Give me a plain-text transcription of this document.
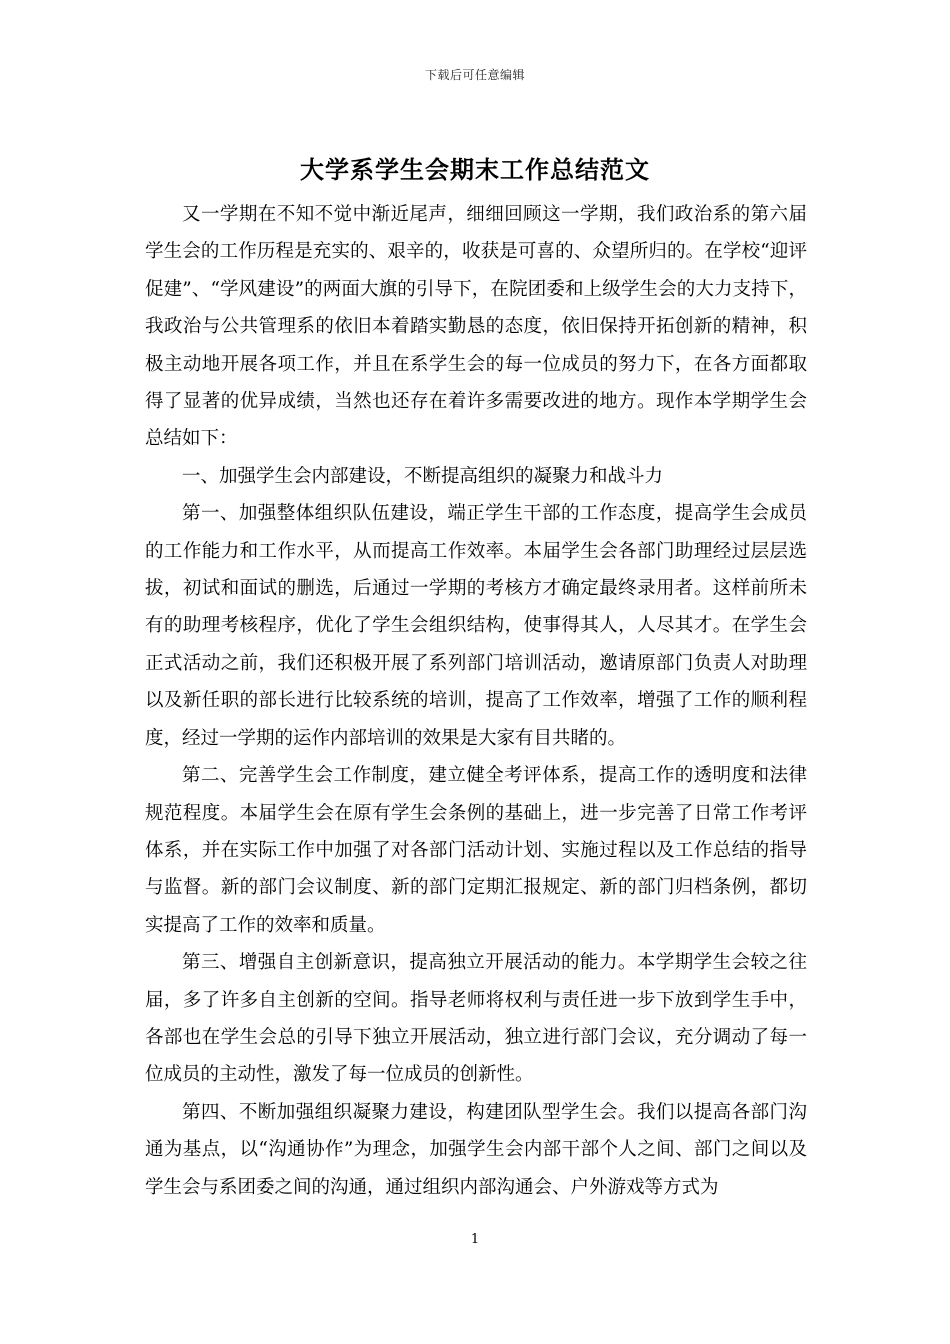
下载后可任意编辑
大学系学生会期末工作总结范文

又一学期在不知不觉中渐近尾声，细细回顾这一学期，我们政治系的第六届学生会的工作历程是充实的、艰辛的，收获是可喜的、众望所归的。在学校“迎评促建”、“学风建设”的两面大旗的引导下，在院团委和上级学生会的大力支持下，我政治与公共管理系的依旧本着踏实勤恳的态度，依旧保持开拓创新的精神，积极主动地开展各项工作，并且在系学生会的每一位成员的努力下，在各方面都取得了显著的优异成绩，当然也还存在着许多需要改进的地方。现作本学期学生会总结如下：

一、加强学生会内部建设，不断提高组织的凝聚力和战斗力

第一、加强整体组织队伍建设，端正学生干部的工作态度，提高学生会成员的工作能力和工作水平，从而提高工作效率。本届学生会各部门助理经过层层选拔，初试和面试的删选，后通过一学期的考核方才确定最终录用者。这样前所未有的助理考核程序，优化了学生会组织结构，使事得其人，人尽其才。在学生会正式活动之前，我们还积极开展了系列部门培训活动，邀请原部门负责人对助理以及新任职的部长进行比较系统的培训，提高了工作效率，增强了工作的顺利程度，经过一学期的运作内部培训的效果是大家有目共睹的。

第二、完善学生会工作制度，建立健全考评体系，提高工作的透明度和法律规范程度。本届学生会在原有学生会条例的基础上，进一步完善了日常工作考评体系，并在实际工作中加强了对各部门活动计划、实施过程以及工作总结的指导与监督。新的部门会议制度、新的部门定期汇报规定、新的部门归档条例，都切实提高了工作的效率和质量。

第三、增强自主创新意识，提高独立开展活动的能力。本学期学生会较之往届，多了许多自主创新的空间。指导老师将权利与责任进一步下放到学生手中，各部也在学生会总的引导下独立开展活动，独立进行部门会议，充分调动了每一位成员的主动性，激发了每一位成员的创新性。

第四、不断加强组织凝聚力建设，构建团队型学生会。我们以提高各部门沟通为基点，以“沟通协作”为理念，加强学生会内部干部个人之间、部门之间以及学生会与系团委之间的沟通，通过组织内部沟通会、户外游戏等方式为

1
